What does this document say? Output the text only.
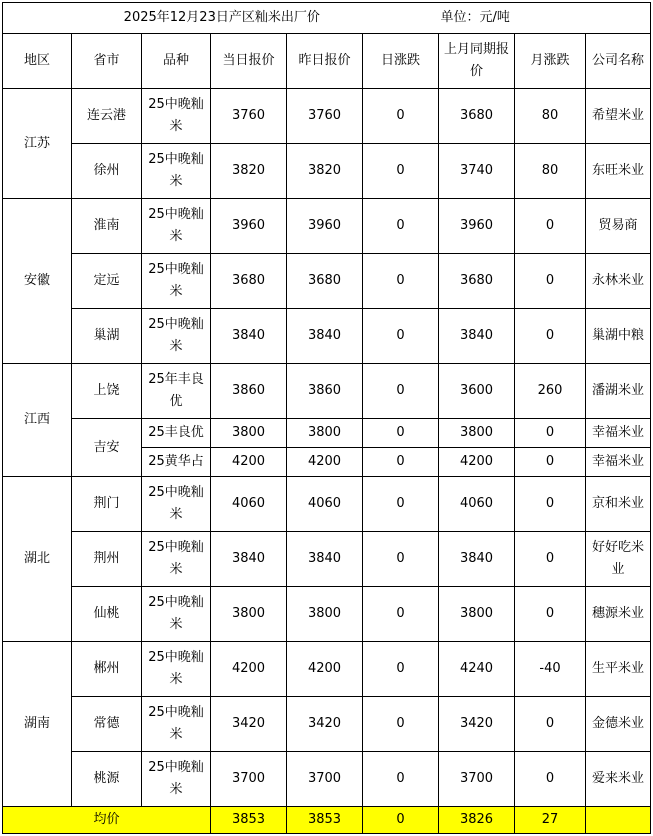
2025年12月23日产区籼米出厂价						单位：元/吨		
地区	省市	品种	当日报价	昨日报价	日涨跌	上月同期报价	月涨跌	公司名称
江苏	连云港	25中晚籼米	3760	3760	0	3680	80	希望米业
	徐州	25中晚籼米	3820	3820	0	3740	80	东旺米业
安徽	淮南	25中晚籼米	3960	3960	0	3960	0	贸易商
	定远	25中晚籼米	3680	3680	0	3680	0	永林米业
	巢湖	25中晚籼米	3840	3840	0	3840	0	巢湖中粮
江西	上饶	25年丰良优	3860	3860	0	3600	260	潘湖米业
	吉安	25丰良优	3800	3800	0	3800	0	幸福米业
		25黄华占	4200	4200	0	4200	0	幸福米业
湖北	荆门	25中晚籼米	4060	4060	0	4060	0	京和米业
	荆州	25中晚籼米	3840	3840	0	3840	0	好好吃米业
	仙桃	25中晚籼米	3800	3800	0	3800	0	穗源米业
湖南	郴州	25中晚籼米	4200	4200	0	4240	-40	生平米业
	常德	25中晚籼米	3420	3420	0	3420	0	金德米业
	桃源	25中晚籼米	3700	3700	0	3700	0	爱来米业
均价			3853	3853	0	3826	27	
